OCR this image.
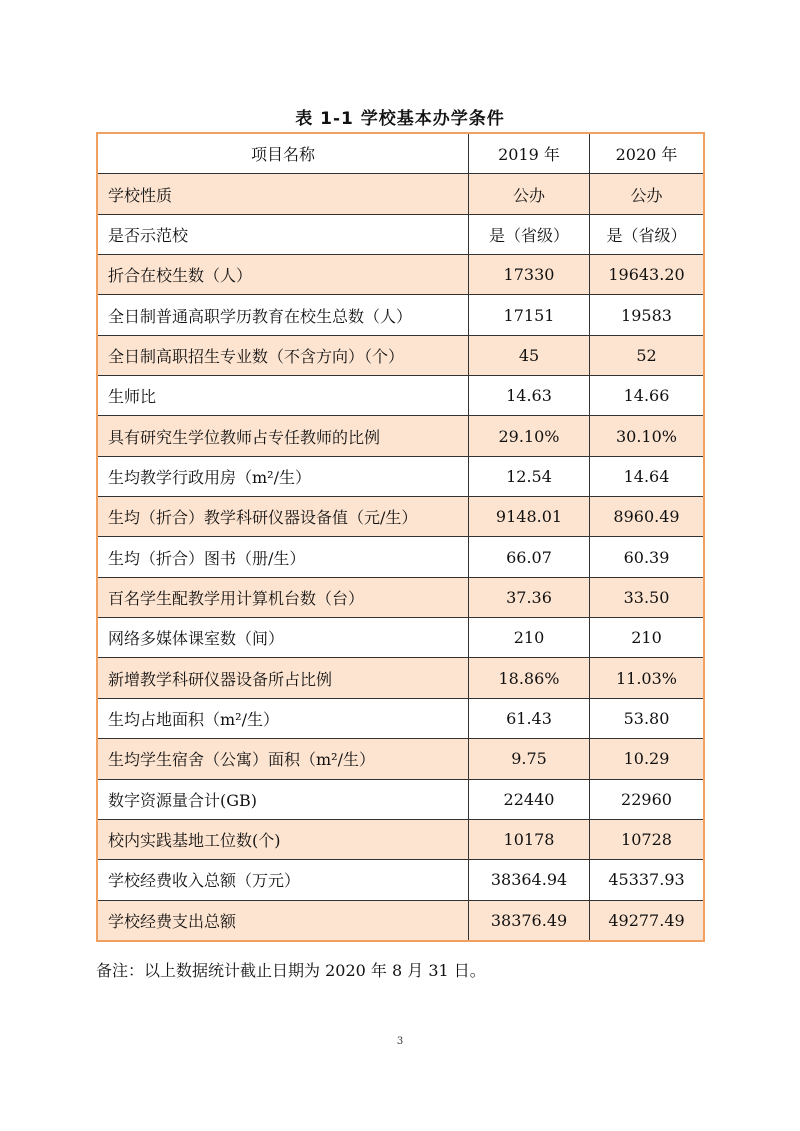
表 1-1 学校基本办学条件
项目名称	2019 年	2020 年
学校性质	公办	公办
是否示范校	是（省级）	是（省级）
折合在校生数（人）	17330	19643.20
全日制普通高职学历教育在校生总数（人）	17151	19583
全日制高职招生专业数（不含方向）（个）	45	52
生师比	14.63	14.66
具有研究生学位教师占专任教师的比例	29.10%	30.10%
生均教学行政用房（m²/生）	12.54	14.64
生均（折合）教学科研仪器设备值（元/生）	9148.01	8960.49
生均（折合）图书（册/生）	66.07	60.39
百名学生配教学用计算机台数（台）	37.36	33.50
网络多媒体课室数（间）	210	210
新增教学科研仪器设备所占比例	18.86%	11.03%
生均占地面积（m²/生）	61.43	53.80
生均学生宿舍（公寓）面积（m²/生）	9.75	10.29
数字资源量合计(GB)	22440	22960
校内实践基地工位数(个)	10178	10728
学校经费收入总额（万元）	38364.94	45337.93
学校经费支出总额	38376.49	49277.49
备注：以上数据统计截止日期为 2020 年 8 月 31 日。
3
